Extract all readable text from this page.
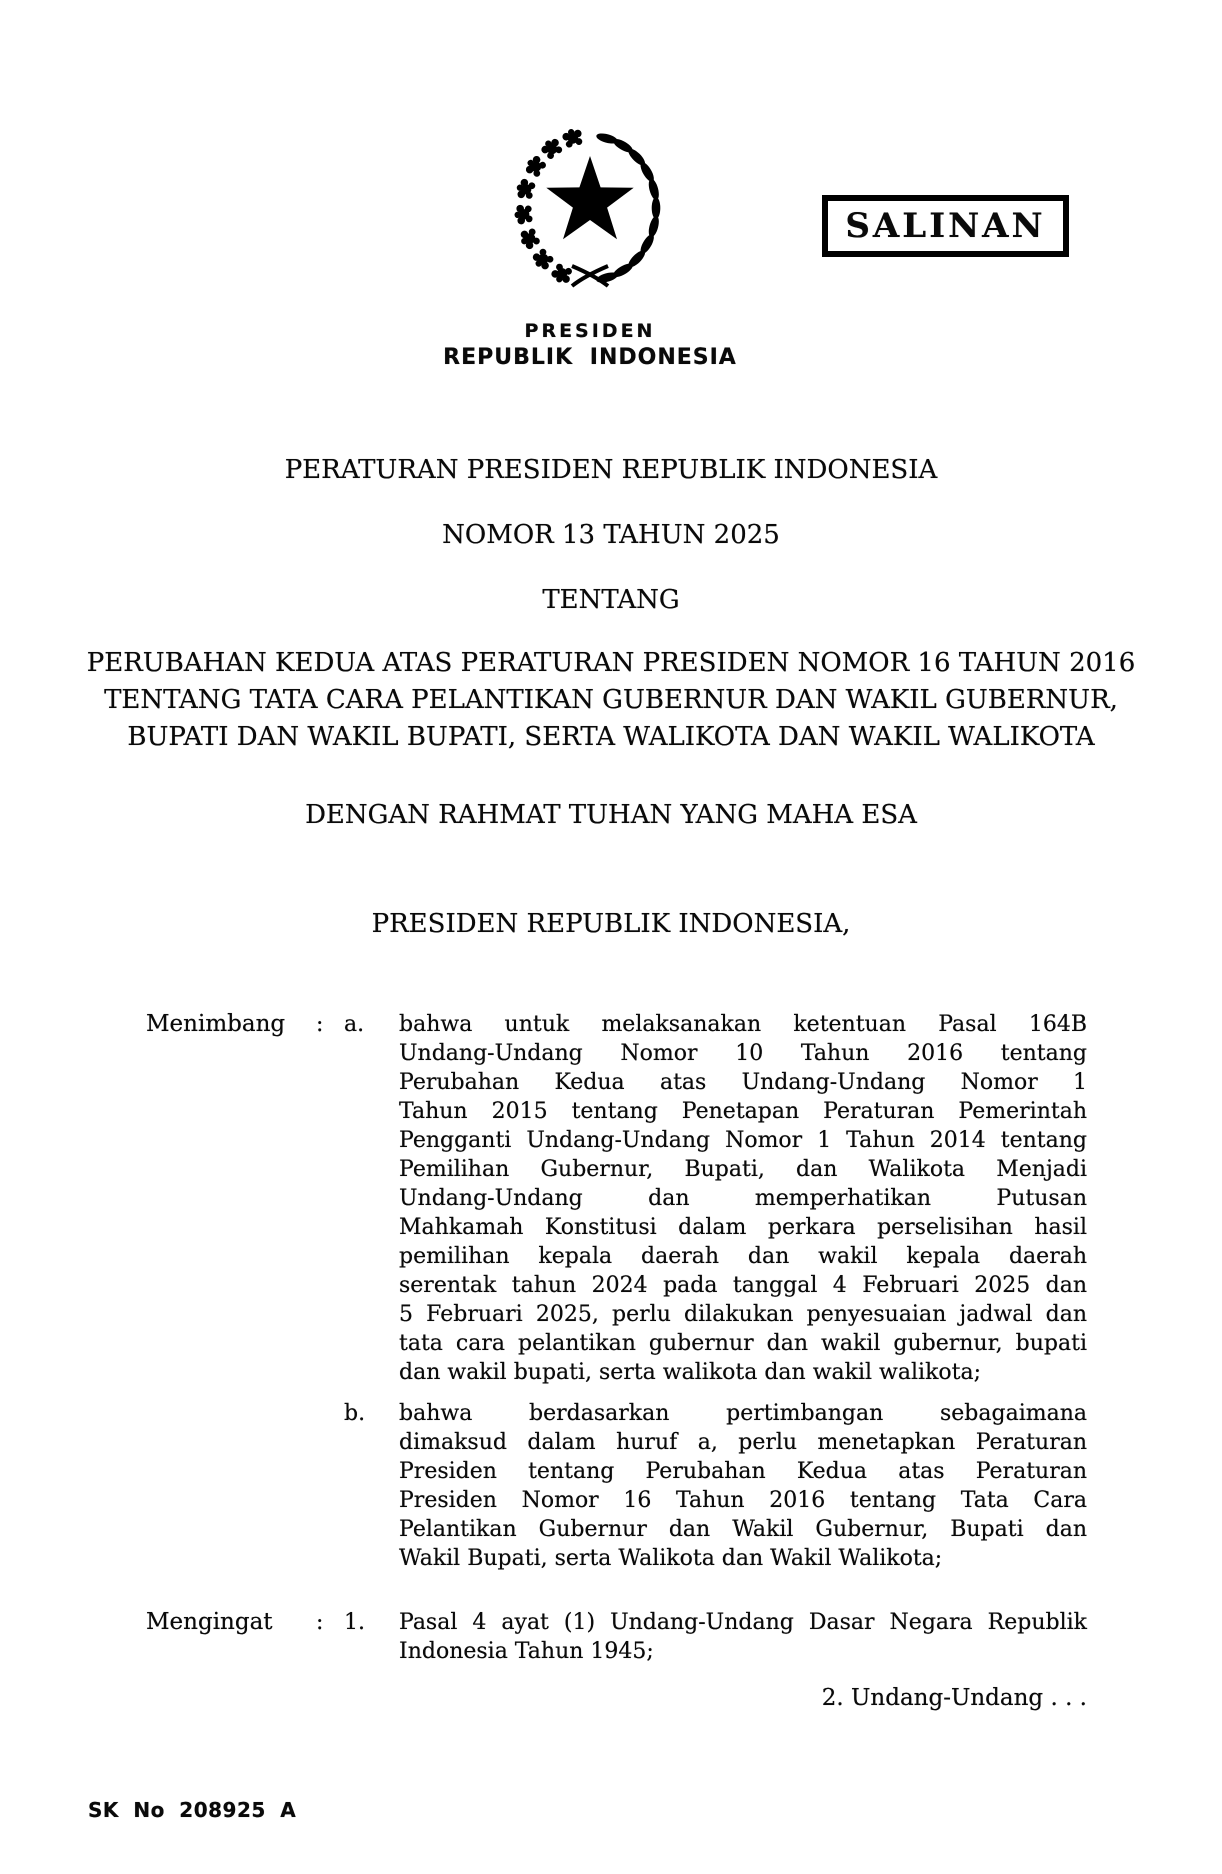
SALINAN
PRESIDEN
REPUBLIK INDONESIA
PERATURAN PRESIDEN REPUBLIK INDONESIA
NOMOR 13 TAHUN 2025
TENTANG
PERUBAHAN KEDUA ATAS PERATURAN PRESIDEN NOMOR 16 TAHUN 2016
TENTANG TATA CARA PELANTIKAN GUBERNUR DAN WAKIL GUBERNUR,
BUPATI DAN WAKIL BUPATI, SERTA WALIKOTA DAN WAKIL WALIKOTA
DENGAN RAHMAT TUHAN YANG MAHA ESA
PRESIDEN REPUBLIK INDONESIA,
Menimbang : a. bahwa untuk melaksanakan ketentuan Pasal 164B
Undang-Undang Nomor 10 Tahun 2016 tentang
Perubahan Kedua atas Undang-Undang Nomor 1
Tahun 2015 tentang Penetapan Peraturan Pemerintah
Pengganti Undang-Undang Nomor 1 Tahun 2014 tentang
Pemilihan Gubernur, Bupati, dan Walikota Menjadi
Undang-Undang dan memperhatikan Putusan
Mahkamah Konstitusi dalam perkara perselisihan hasil
pemilihan kepala daerah dan wakil kepala daerah
serentak tahun 2024 pada tanggal 4 Februari 2025 dan
5 Februari 2025, perlu dilakukan penyesuaian jadwal dan
tata cara pelantikan gubernur dan wakil gubernur, bupati
dan wakil bupati, serta walikota dan wakil walikota;
b. bahwa berdasarkan pertimbangan sebagaimana
dimaksud dalam huruf a, perlu menetapkan Peraturan
Presiden tentang Perubahan Kedua atas Peraturan
Presiden Nomor 16 Tahun 2016 tentang Tata Cara
Pelantikan Gubernur dan Wakil Gubernur, Bupati dan
Wakil Bupati, serta Walikota dan Wakil Walikota;
Mengingat : 1. Pasal 4 ayat (1) Undang-Undang Dasar Negara Republik
Indonesia Tahun 1945;
2. Undang-Undang . . .
SK No 208925 A
